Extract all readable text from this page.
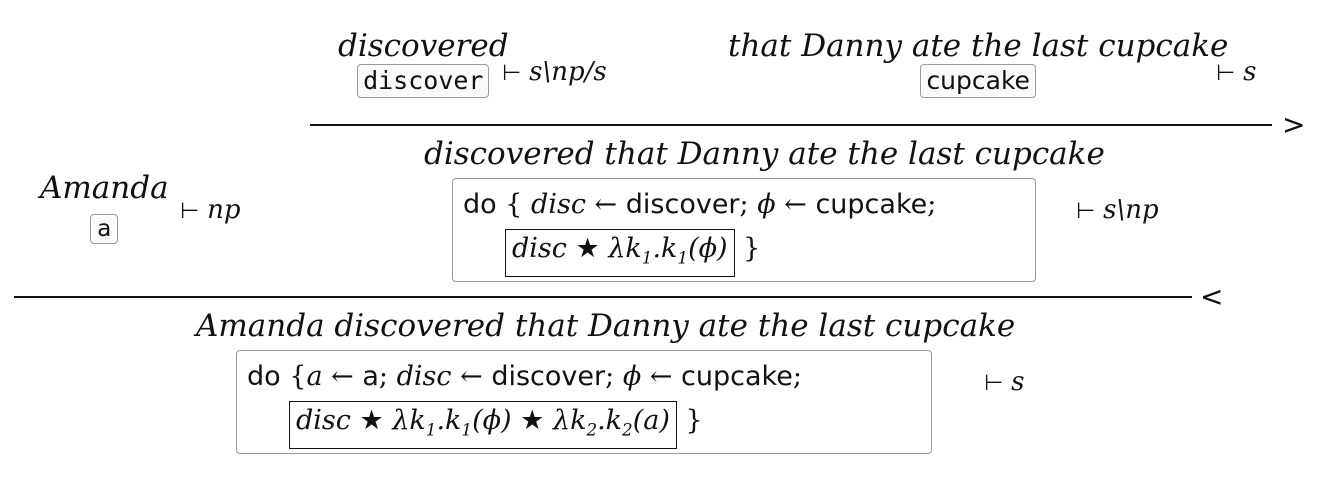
discovered
discover ⊢ s\np/s
that Danny ate the last cupcake
cupcake	⊢ s
>
Amanda
a
⊢ np
discovered that Danny ate the last cupcake
do { disc ← discover; ϕ ← cupcake;
disc ★ $\lambda k_1.k_1(\phi)$ }
⊢ s\np
<
Amanda discovered that Danny ate the last cupcake
do {a ← a; disc ← discover; ϕ ← cupcake;
disc ★ $\lambda k_1.k_1(\phi)$ ★ $\lambda k_2.k_2(a)$ }
⊢ s
